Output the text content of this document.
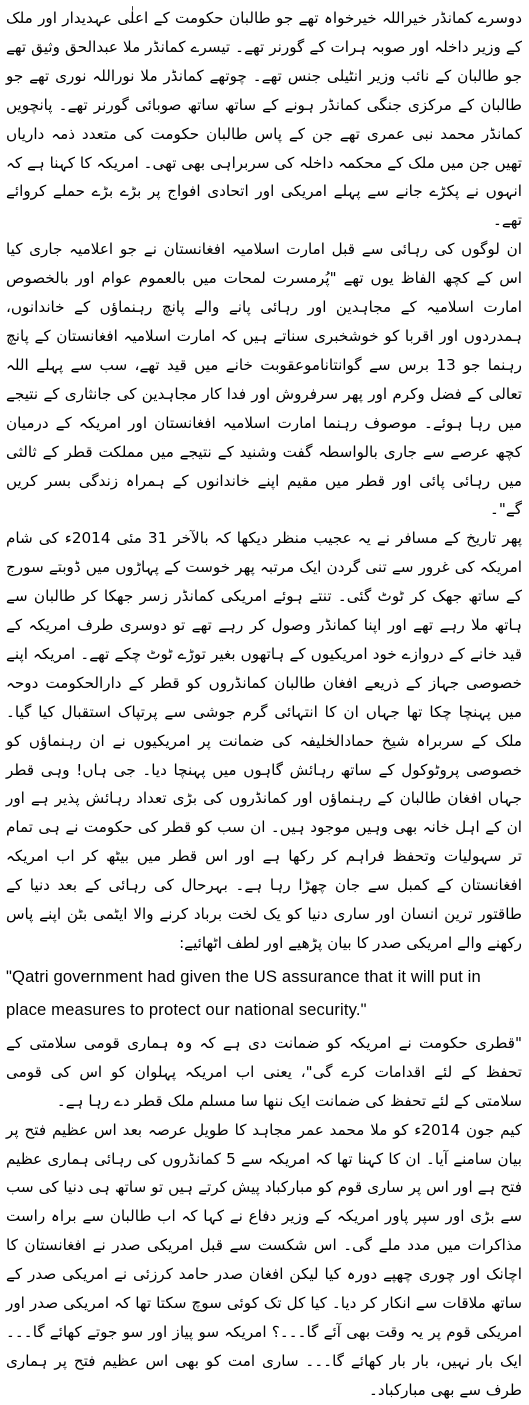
دوسرے کمانڈر خیراللہ خیرخواہ تھے جو طالبان حکومت کے اعلٰی عہدیدار اور ملک کے وزیر داخلہ اور صوبہ ہرات کے گورنر تھے۔ تیسرے کمانڈر ملا عبدالحق وثیق تھے جو طالبان کے نائب وزیر انٹیلی جنس تھے۔ چوتھے کمانڈر ملا نوراللہ نوری تھے جو طالبان کے مرکزی جنگی کمانڈر ہونے کے ساتھ ساتھ صوبائی گورنر تھے۔ پانچویں کمانڈر محمد نبی عمری تھے جن کے پاس طالبان حکومت کی متعدد ذمہ داریاں تھیں جن میں ملک کے محکمہ داخلہ کی سربراہی بھی تھی۔ امریکہ کا کہنا ہے کہ انہوں نے پکڑے جانے سے پہلے امریکی اور اتحادی افواج پر بڑے بڑے حملے کروائے تھے۔

ان لوگوں کی رہائی سے قبل امارت اسلامیہ افغانستان نے جو اعلامیہ جاری کیا اس کے کچھ الفاظ یوں تھے "پُرمسرت لمحات میں بالعموم عوام اور بالخصوص امارت اسلامیہ کے مجاہدین اور رہائی پانے والے پانچ رہنماؤں کے خاندانوں، ہمدردوں اور اقربا کو خوشخبری سناتے ہیں کہ امارت اسلامیہ افغانستان کے پانچ رہنما جو 13 برس سے گوانتاناموعقوبت خانے میں قید تھے، سب سے پہلے اللہ تعالی کے فضل وکرم اور پھر سرفروش اور فدا کار مجاہدین کی جانثاری کے نتیجے میں رہا ہوئے۔ موصوف رہنما امارت اسلامیہ افغانستان اور امریکہ کے درمیان کچھ عرصے سے جاری بالواسطہ گفت وشنید کے نتیجے میں مملکت قطر کے ثالثی میں رہائی پائی اور قطر میں مقیم اپنے خاندانوں کے ہمراہ زندگی بسر کریں گے"۔

پھر تاریخ کے مسافر نے یہ عجیب منظر دیکھا کہ بالآخر 31 مئی 2014ء کی شام امریکہ کی غرور سے تنی گردن ایک مرتبہ پھر خوست کے پہاڑوں میں ڈوبتے سورج کے ساتھ جھک کر ٹوٹ گئی۔ تنتے ہوئے امریکی کمانڈر زسر جھکا کر طالبان سے ہاتھ ملا رہے تھے اور اپنا کمانڈر وصول کر رہے تھے تو دوسری طرف امریکہ کے قید خانے کے دروازے خود امریکیوں کے ہاتھوں بغیر توڑے ٹوٹ چکے تھے۔ امریکہ اپنے خصوصی جہاز کے ذریعے افغان طالبان کمانڈروں کو قطر کے دارالحکومت دوحہ میں پہنچا چکا تھا جہاں ان کا انتہائی گرم جوشی سے پرتپاک استقبال کیا گیا۔ ملک کے سربراہ شیخ حمادالخلیفہ کی ضمانت پر امریکیوں نے ان رہنماؤں کو خصوصی پروٹوکول کے ساتھ رہائش گاہوں میں پہنچا دیا۔ جی ہاں! وہی قطر جہاں افغان طالبان کے رہنماؤں اور کمانڈروں کی بڑی تعداد رہائش پذیر ہے اور ان کے اہل خانہ بھی وہیں موجود ہیں۔ ان سب کو قطر کی حکومت نے ہی تمام تر سہولیات وتحفظ فراہم کر رکھا ہے اور اس قطر میں بیٹھ کر اب امریکہ افغانستان کے کمبل سے جان چھڑا رہا ہے۔ بہرحال کی رہائی کے بعد دنیا کے طاقتور ترین انسان اور ساری دنیا کو یک لخت برباد کرنے والا ایٹمی بٹن اپنے پاس رکھنے والے امریکی صدر کا بیان پڑھیے اور لطف اٹھائیے:

"Qatri government had given the US assurance that it will put in place measures to protect our national security."

"قطری حکومت نے امریکہ کو ضمانت دی ہے کہ وہ ہماری قومی سلامتی کے تحفظ کے لئے اقدامات کرے گی"، یعنی اب امریکہ پہلوان کو اس کی قومی سلامتی کے لئے تحفظ کی ضمانت ایک ننھا سا مسلم ملک قطر دے رہا ہے۔

کیم جون 2014ء کو ملا محمد عمر مجاہد کا طویل عرصہ بعد اس عظیم فتح پر بیان سامنے آیا۔ ان کا کہنا تھا کہ امریکہ سے 5 کمانڈروں کی رہائی ہماری عظیم فتح ہے اور اس پر ساری قوم کو مبارکباد پیش کرتے ہیں تو ساتھ ہی دنیا کی سب سے بڑی اور سپر پاور امریکہ کے وزیر دفاع نے کہا کہ اب طالبان سے براہ راست مذاکرات میں مدد ملے گی۔ اس شکست سے قبل امریکی صدر نے افغانستان کا اچانک اور چوری چھپے دورہ کیا لیکن افغان صدر حامد کرزئی نے امریکی صدر کے ساتھ ملاقات سے انکار کر دیا۔ کیا کل تک کوئی سوچ سکتا تھا کہ امریکی صدر اور امریکی قوم پر یہ وقت بھی آئے گا۔۔۔؟ امریکہ سو پیاز اور سو جوتے کھائے گا۔۔۔ ایک بار نہیں، بار بار کھائے گا۔۔۔ ساری امت کو بھی اس عظیم فتح پر ہماری طرف سے بھی مبارکباد۔
